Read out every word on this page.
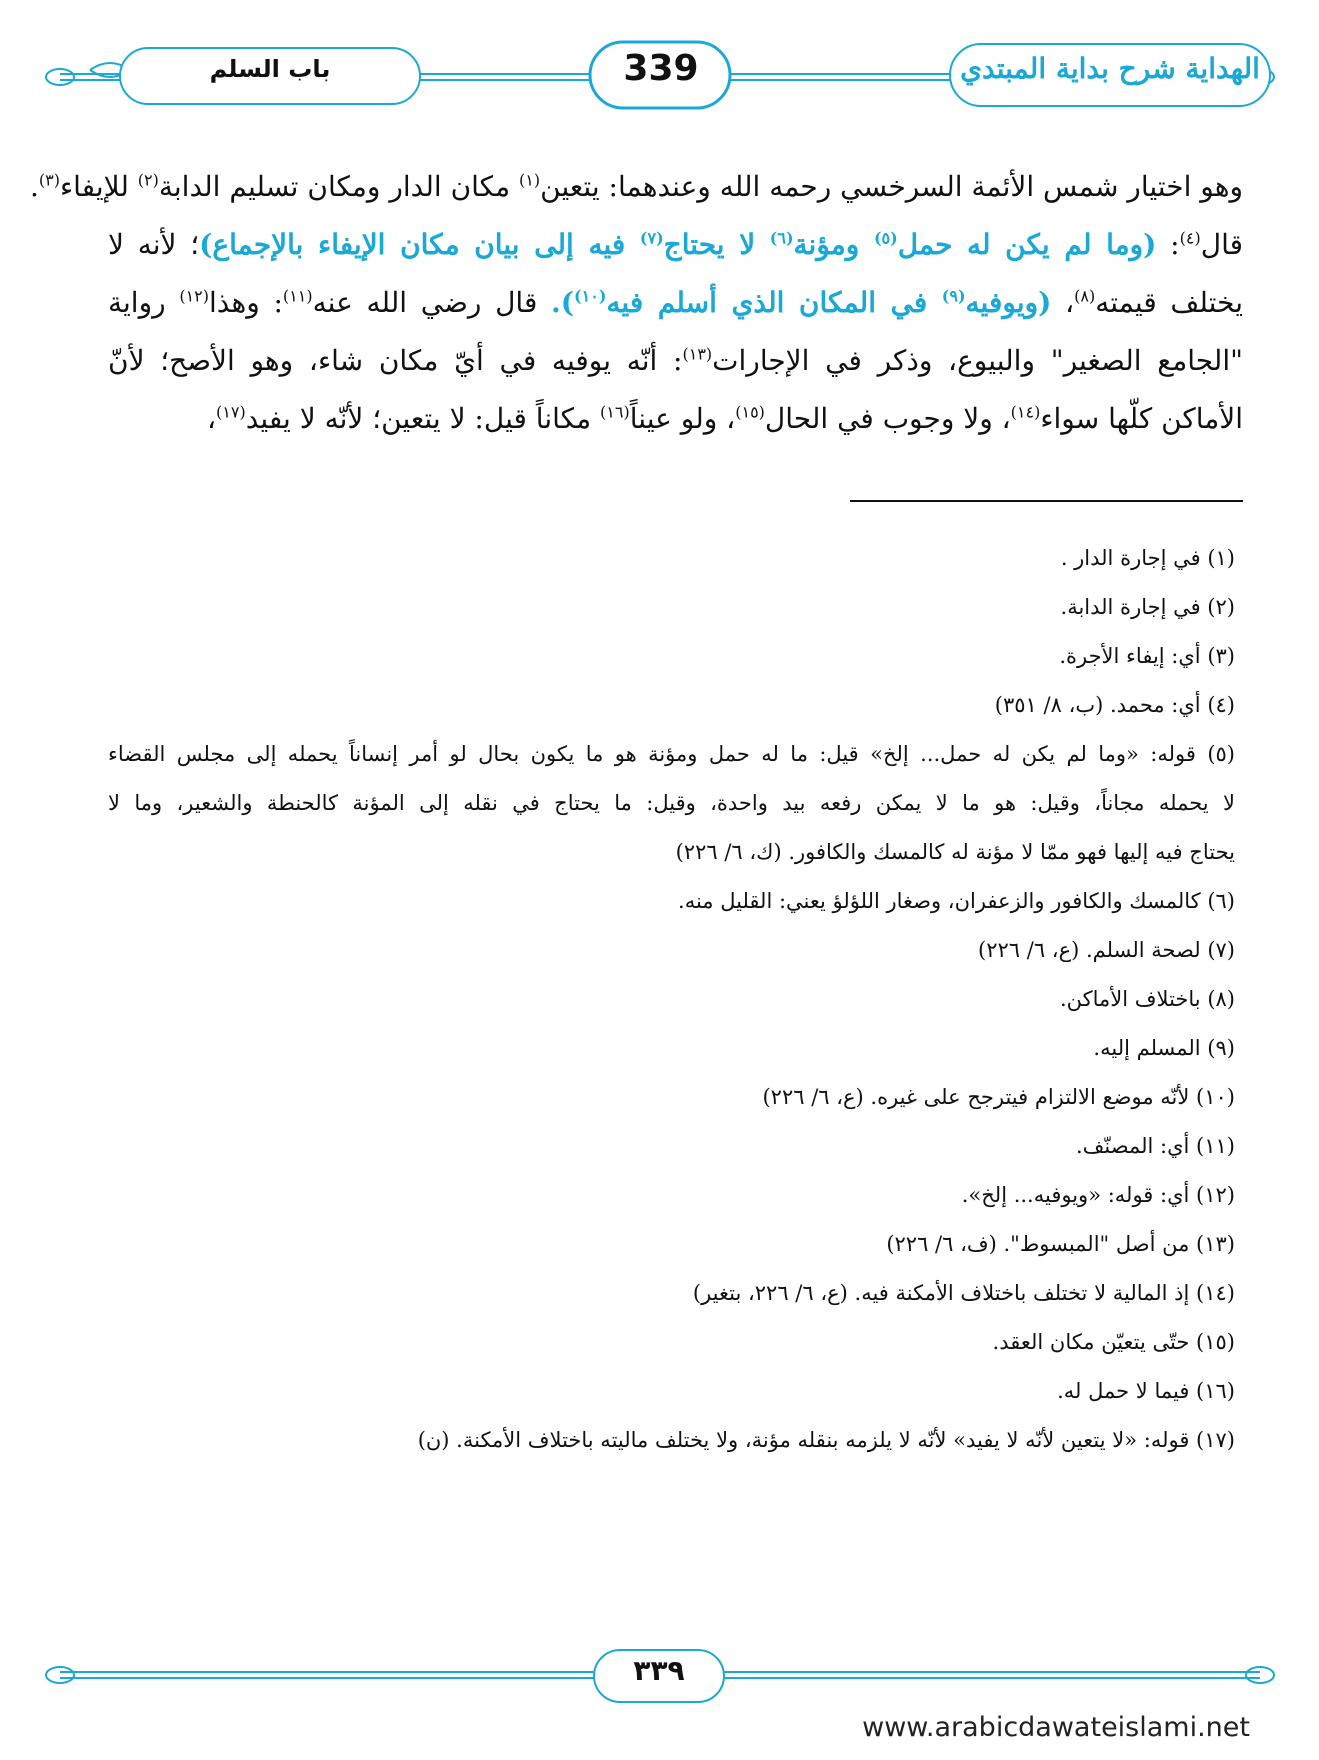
باب السلم	339	الهداية شرح بداية المبتدي
وهو اختيار شمس الأئمة السرخسي رحمه الله وعندهما: يتعين$^{(١)}$ مكان الدار ومكان تسليم الدابة$^{(٢)}$ للإيفاء$^{(٣)}$.
قال$^{(٤)}$: (وما لم يكن له حمل$^{(٥)}$ ومؤنة$^{(٦)}$ لا يحتاج$^{(٧)}$ فيه إلى بيان مكان الإيفاء بالإجماع)؛ لأنه لا
يختلف قيمته$^{(٨)}$، (ويوفيه$^{(٩)}$ في المكان الذي أسلم فيه$^{(١٠)}$). قال رضي الله عنه$^{(١١)}$: وهذا$^{(١٢)}$ رواية
"الجامع الصغير" والبيوع، وذكر في الإجارات$^{(١٣)}$: أنّه يوفيه في أيّ مكان شاء، وهو الأصح؛ لأنّ
الأماكن كلّها سواء$^{(١٤)}$، ولا وجوب في الحال$^{(١٥)}$، ولو عيناً$^{(١٦)}$ مكاناً قيل: لا يتعين؛ لأنّه لا يفيد$^{(١٧)}$،
(١) في إجارة الدار .
(٢) في إجارة الدابة.
(٣) أي: إيفاء الأجرة.
(٤) أي: محمد. (ب، ٨/ ٣٥١)
(٥) قوله: «وما لم يكن له حمل... إلخ» قيل: ما له حمل ومؤنة هو ما يكون بحال لو أمر إنساناً يحمله إلى مجلس القضاء
لا يحمله مجاناً، وقيل: هو ما لا يمكن رفعه بيد واحدة، وقيل: ما يحتاج في نقله إلى المؤنة كالحنطة والشعير، وما لا
يحتاج فيه إليها فهو ممّا لا مؤنة له كالمسك والكافور. (ك، ٦/ ٢٢٦)
(٦) كالمسك والكافور والزعفران، وصغار اللؤلؤ يعني: القليل منه.
(٧) لصحة السلم. (ع، ٦/ ٢٢٦)
(٨) باختلاف الأماكن.
(٩) المسلم إليه.
(١٠) لأنّه موضع الالتزام فيترجح على غيره. (ع، ٦/ ٢٢٦)
(١١) أي: المصنّف.
(١٢) أي: قوله: «ويوفيه... إلخ».
(١٣) من أصل "المبسوط". (ف، ٦/ ٢٢٦)
(١٤) إذ المالية لا تختلف باختلاف الأمكنة فيه. (ع، ٦/ ٢٢٦، بتغير)
(١٥) حتّى يتعيّن مكان العقد.
(١٦) فيما لا حمل له.
(١٧) قوله: «لا يتعين لأنّه لا يفيد» لأنّه لا يلزمه بنقله مؤنة، ولا يختلف ماليته باختلاف الأمكنة. (ن)
٣٣٩
www.arabicdawateislami.net
